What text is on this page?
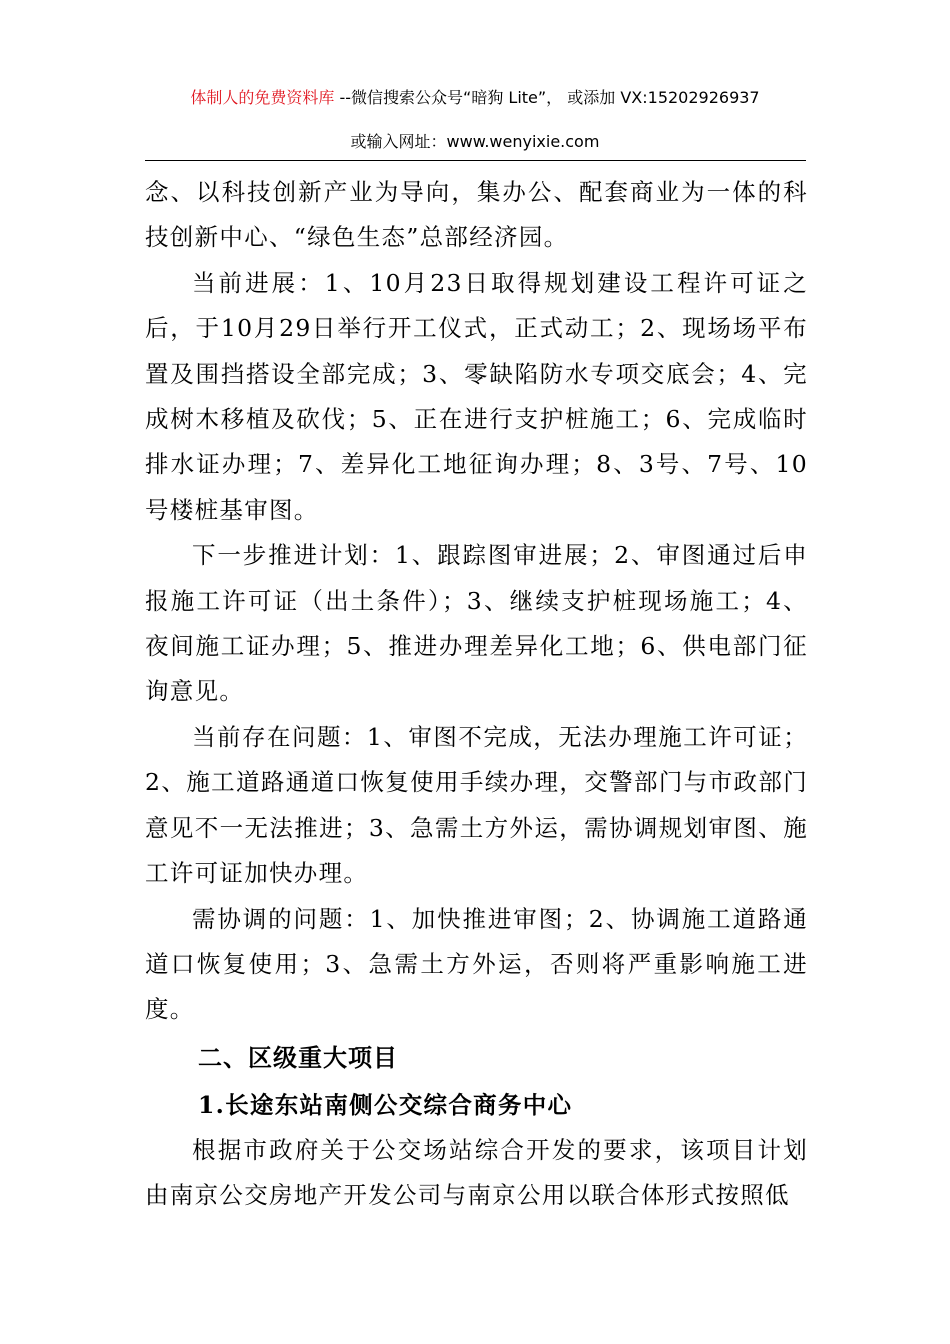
体制人的免费资料库 --微信搜索公众号“暗狗 Lite”， 或添加 VX:15202926937
或输入网址：www.wenyixie.com

念、以科技创新产业为导向，集办公、配套商业为一体的科技创新中心、“绿色生态”总部经济园。

当前进展：1、10月23日取得规划建设工程许可证之后，于10月29日举行开工仪式，正式动工；2、现场场平布置及围挡搭设全部完成；3、零缺陷防水专项交底会；4、完成树木移植及砍伐；5、正在进行支护桩施工；6、完成临时排水证办理；7、差异化工地征询办理；8、3号、7号、10号楼桩基审图。

下一步推进计划：1、跟踪图审进展；2、审图通过后申报施工许可证（出土条件）；3、继续支护桩现场施工；4、夜间施工证办理；5、推进办理差异化工地；6、供电部门征询意见。

当前存在问题：1、审图不完成，无法办理施工许可证；2、施工道路通道口恢复使用手续办理，交警部门与市政部门意见不一无法推进；3、急需土方外运，需协调规划审图、施工许可证加快办理。

需协调的问题：1、加快推进审图；2、协调施工道路通道口恢复使用；3、急需土方外运，否则将严重影响施工进度。

二、区级重大项目
1.长途东站南侧公交综合商务中心

根据市政府关于公交场站综合开发的要求，该项目计划由南京公交房地产开发公司与南京公用以联合体形式按照低
